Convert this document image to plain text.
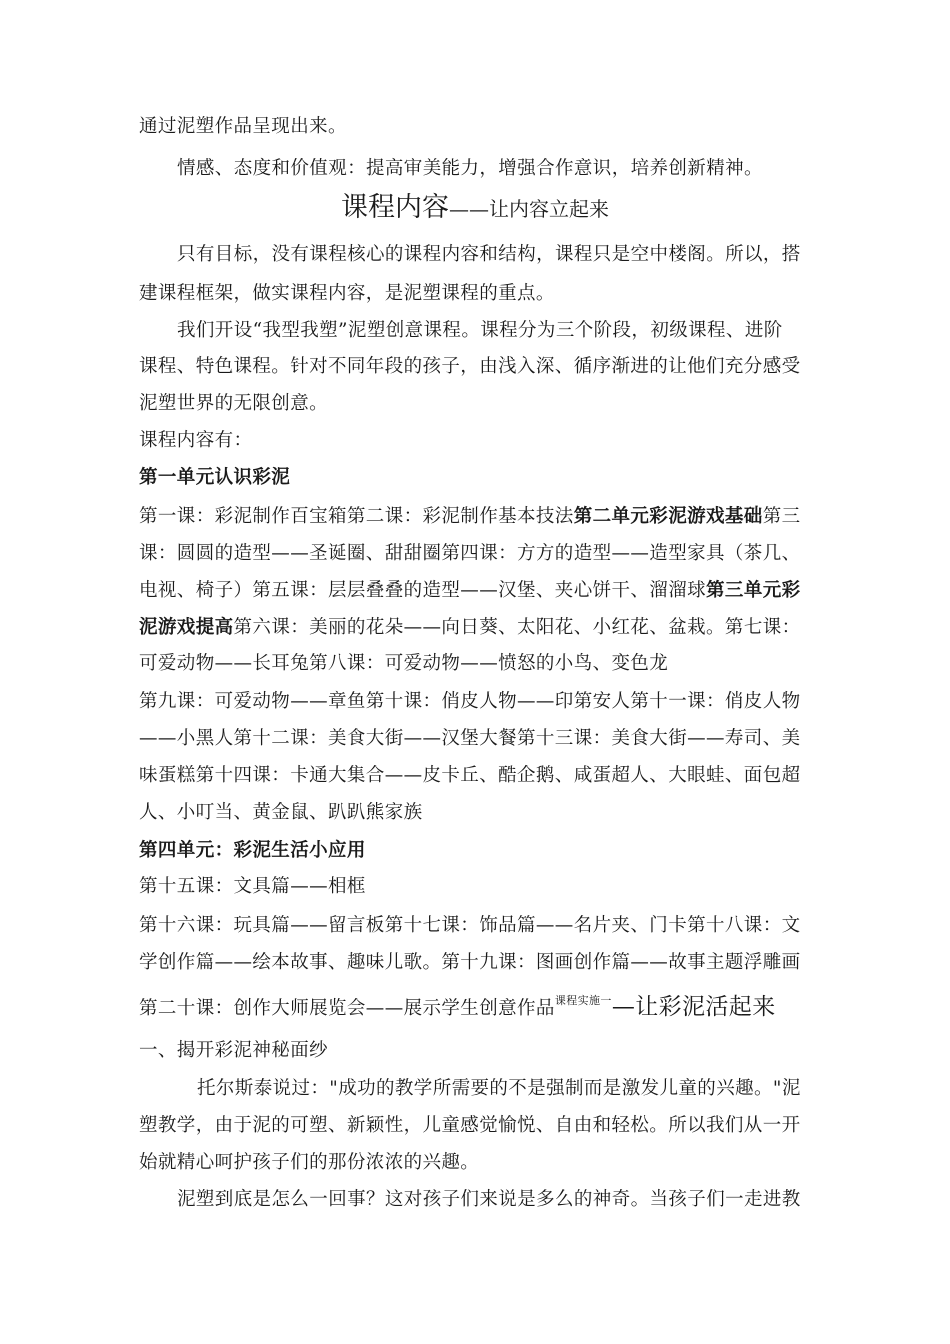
通过泥塑作品呈现出来。
情感、态度和价值观：提高审美能力，增强合作意识，培养创新精神。
课程内容——让内容立起来
只有目标，没有课程核心的课程内容和结构，课程只是空中楼阁。所以，搭
建课程框架，做实课程内容，是泥塑课程的重点。
我们开设“我型我塑”泥塑创意课程。课程分为三个阶段，初级课程、进阶
课程、特色课程。针对不同年段的孩子，由浅入深、循序渐进的让他们充分感受
泥塑世界的无限创意。
课程内容有：
第一单元认识彩泥
第一课：彩泥制作百宝箱第二课：彩泥制作基本技法第二单元彩泥游戏基础第三
课：圆圆的造型——圣诞圈、甜甜圈第四课：方方的造型——造型家具（茶几、
电视、椅子）第五课：层层叠叠的造型——汉堡、夹心饼干、溜溜球第三单元彩
泥游戏提高第六课：美丽的花朵——向日葵、太阳花、小红花、盆栽。第七课：
可爱动物——长耳兔第八课：可爱动物——愤怒的小鸟、变色龙
第九课：可爱动物——章鱼第十课：俏皮人物——印第安人第十一课：俏皮人物
——小黑人第十二课：美食大街——汉堡大餐第十三课：美食大街——寿司、美
味蛋糕第十四课：卡通大集合——皮卡丘、酷企鹅、咸蛋超人、大眼蛙、面包超
人、小叮当、黄金鼠、趴趴熊家族
第四单元：彩泥生活小应用
第十五课：文具篇——相框
第十六课：玩具篇——留言板第十七课：饰品篇——名片夹、门卡第十八课：文
学创作篇——绘本故事、趣味儿歌。第十九课：图画创作篇——故事主题浮雕画
第二十课：创作大师展览会——展示学生创意作品$^{课程实施一}$—让彩泥活起来
一、揭开彩泥神秘面纱
托尔斯泰说过："成功的教学所需要的不是强制而是激发儿童的兴趣。"泥
塑教学，由于泥的可塑、新颖性，儿童感觉愉悦、自由和轻松。所以我们从一开
始就精心呵护孩子们的那份浓浓的兴趣。
泥塑到底是怎么一回事？这对孩子们来说是多么的神奇。当孩子们一走进教
